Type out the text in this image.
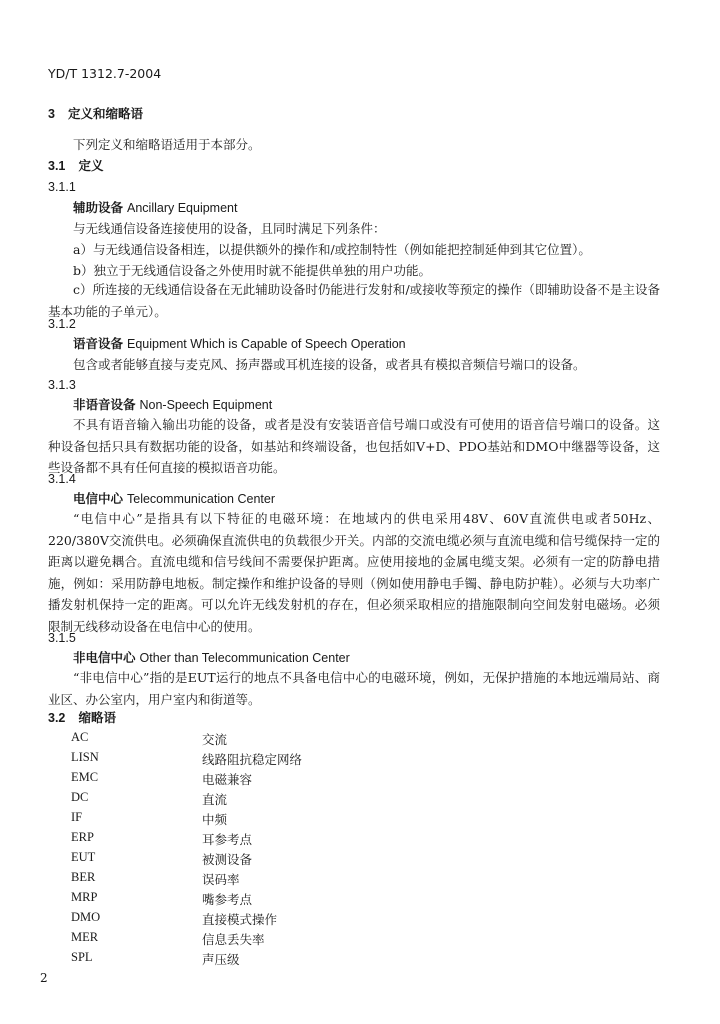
YD/T 1312.7-2004
3 定义和缩略语
下列定义和缩略语适用于本部分。
3.1 定义
3.1.1
辅助设备 Ancillary Equipment
与无线通信设备连接使用的设备，且同时满足下列条件：
a）与无线通信设备相连，以提供额外的操作和/或控制特性（例如能把控制延伸到其它位置）。
b）独立于无线通信设备之外使用时就不能提供单独的用户功能。
c）所连接的无线通信设备在无此辅助设备时仍能进行发射和/或接收等预定的操作（即辅助设备不是主设备基本功能的子单元）。
3.1.2
语音设备 Equipment Which is Capable of Speech Operation
包含或者能够直接与麦克风、扬声器或耳机连接的设备，或者具有模拟音频信号端口的设备。
3.1.3
非语音设备 Non-Speech Equipment
不具有语音输入输出功能的设备，或者是没有安装语音信号端口或没有可使用的语音信号端口的设备。这种设备包括只具有数据功能的设备，如基站和终端设备，也包括如V+D、PDO基站和DMO中继器等设备，这些设备都不具有任何直接的模拟语音功能。
3.1.4
电信中心 Telecommunication Center
“电信中心”是指具有以下特征的电磁环境：在地域内的供电采用48V、60V直流供电或者50Hz、220/380V交流供电。必须确保直流供电的负载很少开关。内部的交流电缆必须与直流电缆和信号缆保持一定的距离以避免耦合。直流电缆和信号线间不需要保护距离。应使用接地的金属电缆支架。必须有一定的防静电措施，例如：采用防静电地板。制定操作和维护设备的导则（例如使用静电手镯、静电防护鞋）。必须与大功率广播发射机保持一定的距离。可以允许无线发射机的存在，但必须采取相应的措施限制向空间发射电磁场。必须限制无线移动设备在电信中心的使用。
3.1.5
非电信中心 Other than Telecommunication Center
“非电信中心”指的是EUT运行的地点不具备电信中心的电磁环境，例如，无保护措施的本地远端局站、商业区、办公室内，用户室内和街道等。
3.2 缩略语
AC	交流
LISN	线路阻抗稳定网络
EMC	电磁兼容
DC	直流
IF	中频
ERP	耳参考点
EUT	被测设备
BER	误码率
MRP	嘴参考点
DMO	直接模式操作
MER	信息丢失率
SPL	声压级
2
